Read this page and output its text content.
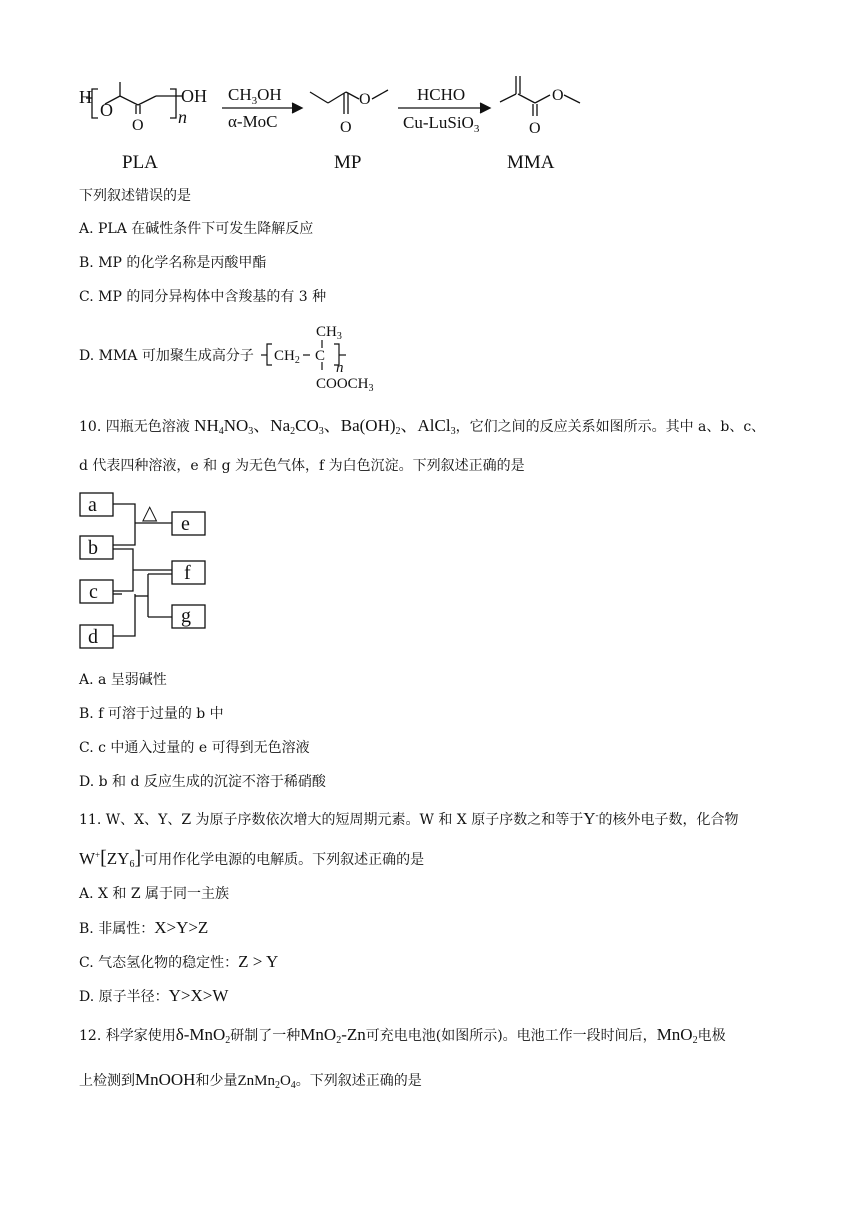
H
O
O
OH
n
$CH_3OH$
α-MoC
O
O
HCHO
Cu-LuSiO$_3$
O
O
PLA	MP	MMA
下列叙述错误的是
A. PLA 在碱性条件下可发生降解反应
B. MP 的化学名称是丙酸甲酯
C. MP 的同分异构体中含羧基的有 3 种
D. MMA 可加聚生成高分子
$CH_3$
$CH_2$ C
n
$COOCH_3$
10. 四瓶无色溶液 $NH_4NO_3$、$Na_2CO_3$、$Ba(OH)_2$、AlCl$_3$，它们之间的反应关系如图所示。其中 a、b、c、
d 代表四种溶液，e 和 g 为无色气体，f 为白色沉淀。下列叙述正确的是
a
b
c
d
e
f
g
△
A. a 呈弱碱性
B. f 可溶于过量的 b 中
C. c 中通入过量的 e 可得到无色溶液
D. b 和 d 反应生成的沉淀不溶于稀硝酸
11. W、X、Y、Z 为原子序数依次增大的短周期元素。W 和 X 原子序数之和等于Y-的核外电子数，化合物
$W^+[ZY_6]^-$可用作化学电源的电解质。下列叙述正确的是
A. X 和 Z 属于同一主族
B. 非属性：X>Y>Z
C. 气态氢化物的稳定性：Z > Y
D. 原子半径：Y>X>W
12. 科学家使用δ-MnO$_2$研制了一种MnO$_2$-Zn可充电电池(如图所示)。电池工作一段时间后，MnO$_2$电极
上检测到MnOOH和少量$ZnMn_2O_4$。下列叙述正确的是
